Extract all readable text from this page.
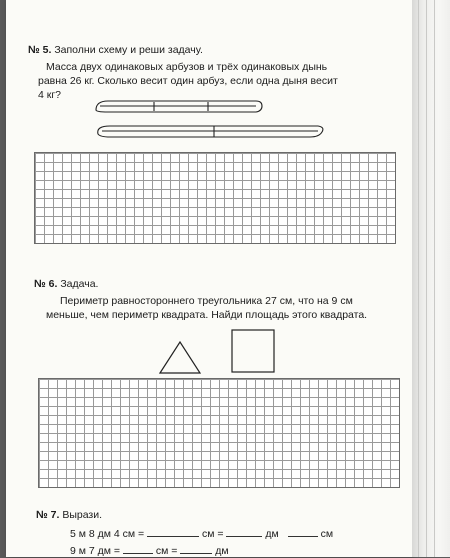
№ 5. Заполни схему и реши задачу.
Масса двух одинаковых арбузов и трёх одинаковых дынь
равна 26 кг. Сколько весит один арбуз, если одна дыня весит
4 кг?
№ 6. Задача.
Периметр равностороннего треугольника 27 см, что на 9 см
меньше, чем периметр квадрата. Найди площадь этого квадрата.
№ 7. Вырази.
5 м 8 дм 4 см =	см =	дм	см
9 м 7 дм =	см =	дм
